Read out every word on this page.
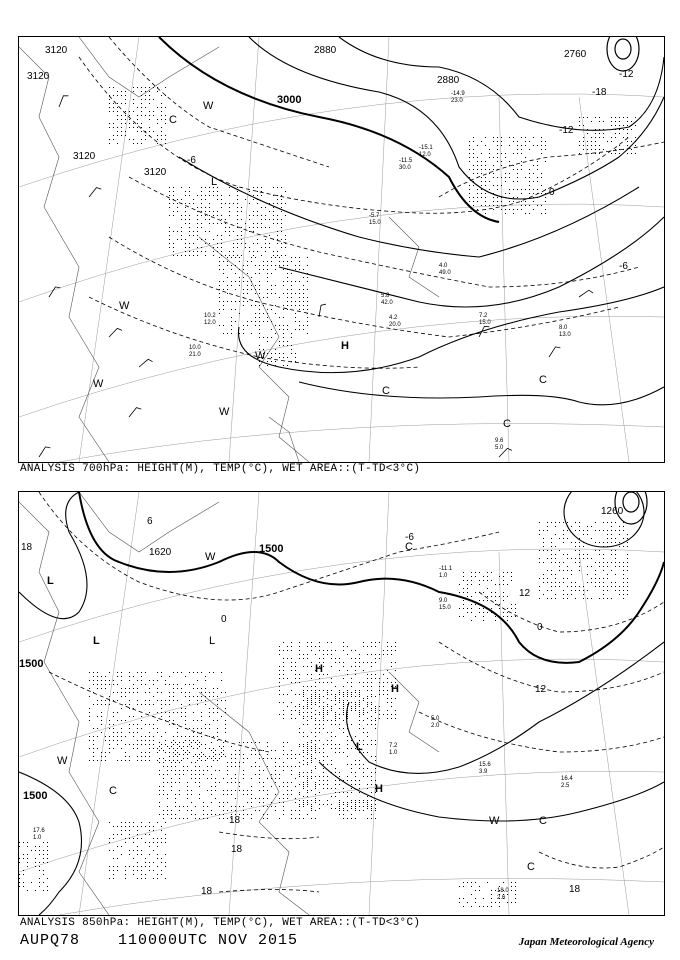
3120
3120
3120
3120
3000
2880
2880
2760
-18
-12
-12
-6
0
-6
H
C
C
C
C
W
W
W
W
W
L
7.2
15.0
8.0
13.0
9.6
5.0
10.2
12.0
10.0
21.0
4.2
20.0
5.8
42.0
4.0
49.0
-11.5
30.0
-15.1
12.0
-14.9
23.0
-5.7
15.0
ANALYSIS 700hPa: HEIGHT(M), TEMP(°C), WET AREA::(T-TD<3°C)
1500
1500
1500
1620
1260
18
18
18
18
12
12
6
0
0
-6
18
H
H
H
L
L	L
L
W
W
W
C
C
C
C
15.6
3.9
16.4
2.5
18.0
2.6
7.2
1.0
5.0
2.0
-11.1
1.0
9.0
15.0
17.6
1.0
ANALYSIS 850hPa: HEIGHT(M), TEMP(°C), WET AREA::(T-TD<3°C)
AUPQ78	110000UTC NOV 2015	Japan Meteorological Agency
